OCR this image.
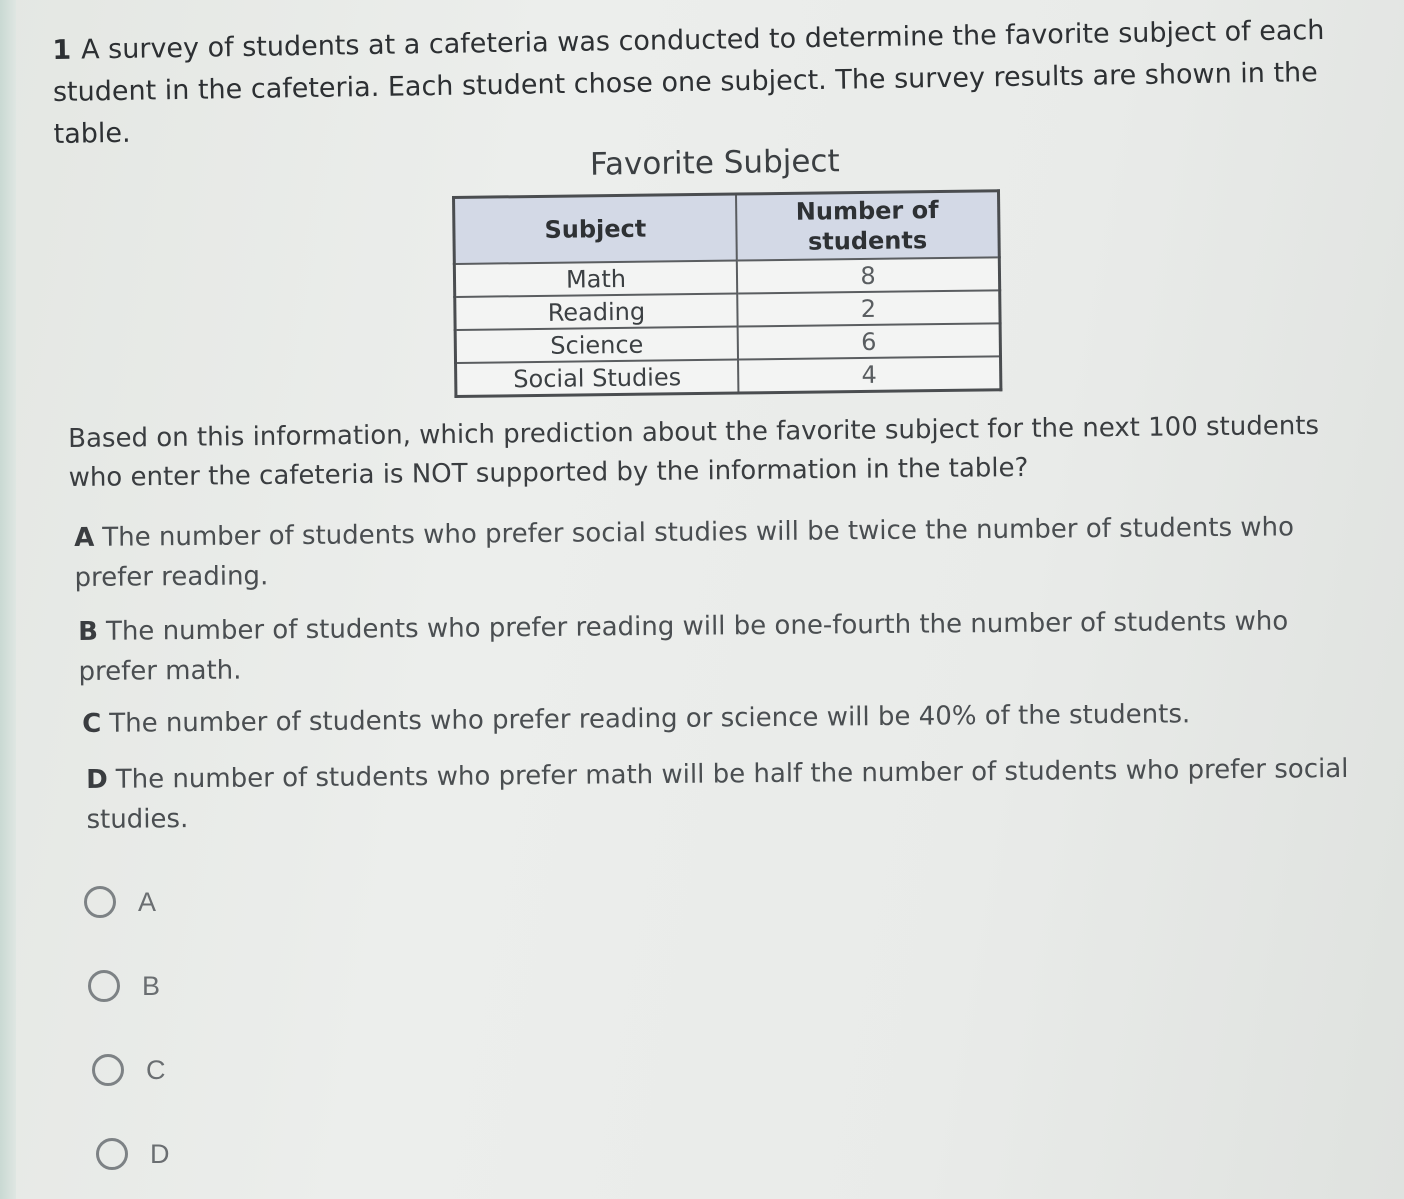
1 A survey of students at a cafeteria was conducted to determine the favorite subject of each student in the cafeteria. Each student chose one subject. The survey results are shown in the table.
Favorite Subject
Subject	Number of students
Math	8
Reading	2
Science	6
Social Studies	4
Based on this information, which prediction about the favorite subject for the next 100 students who enter the cafeteria is NOT supported by the information in the table?
A The number of students who prefer social studies will be twice the number of students who prefer reading.
B The number of students who prefer reading will be one-fourth the number of students who prefer math.
C The number of students who prefer reading or science will be 40% of the students.
D The number of students who prefer math will be half the number of students who prefer social studies.
A
B
C
D
